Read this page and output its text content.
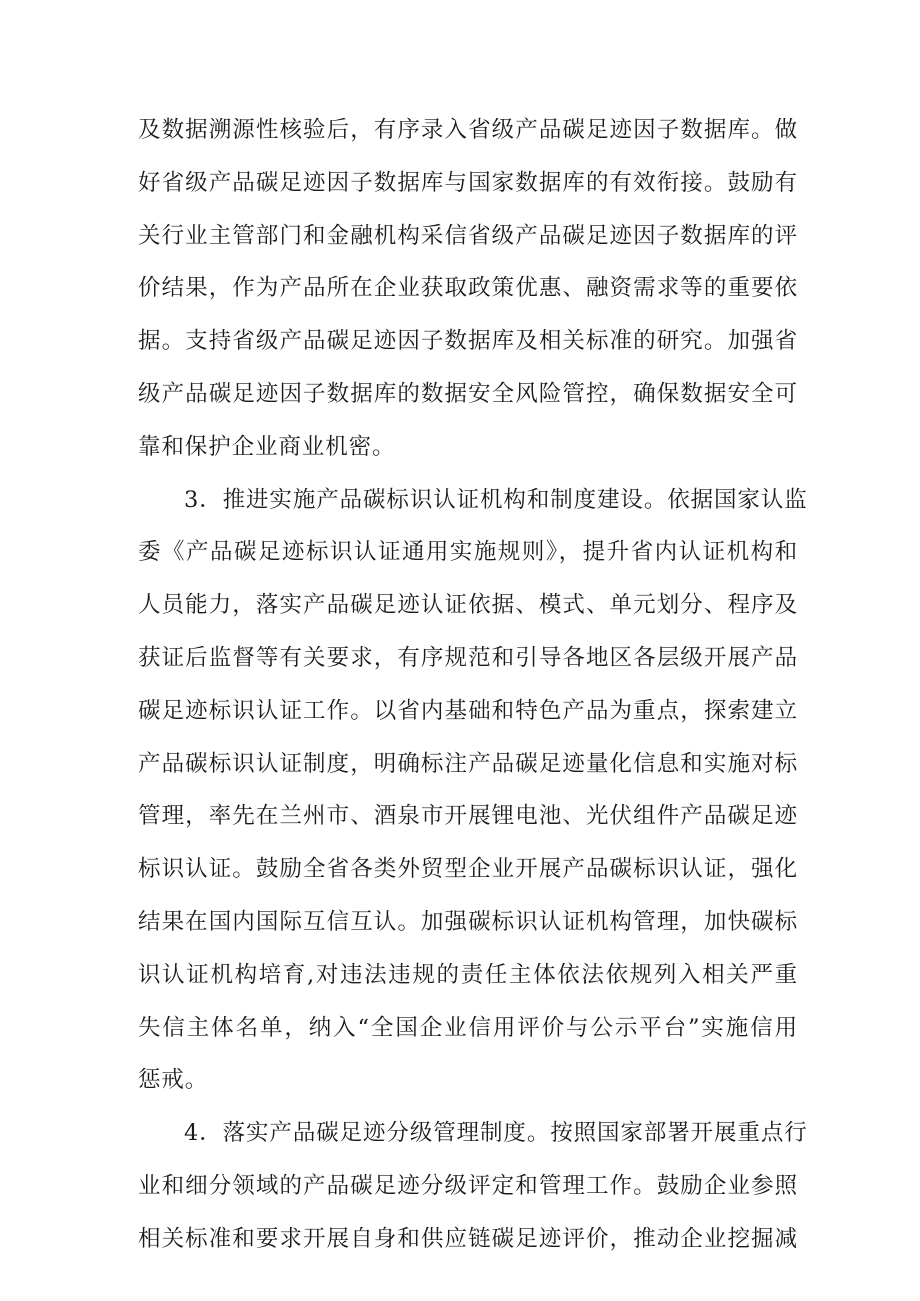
及数据溯源性核验后，有序录入省级产品碳足迹因子数据库。做
好省级产品碳足迹因子数据库与国家数据库的有效衔接。鼓励有
关行业主管部门和金融机构采信省级产品碳足迹因子数据库的评
价结果，作为产品所在企业获取政策优惠、融资需求等的重要依
据。支持省级产品碳足迹因子数据库及相关标准的研究。加强省
级产品碳足迹因子数据库的数据安全风险管控，确保数据安全可
靠和保护企业商业机密。
3．推进实施产品碳标识认证机构和制度建设。依据国家认监
委《产品碳足迹标识认证通用实施规则》，提升省内认证机构和
人员能力，落实产品碳足迹认证依据、模式、单元划分、程序及
获证后监督等有关要求，有序规范和引导各地区各层级开展产品
碳足迹标识认证工作。以省内基础和特色产品为重点，探索建立
产品碳标识认证制度，明确标注产品碳足迹量化信息和实施对标
管理，率先在兰州市、酒泉市开展锂电池、光伏组件产品碳足迹
标识认证。鼓励全省各类外贸型企业开展产品碳标识认证，强化
结果在国内国际互信互认。加强碳标识认证机构管理，加快碳标
识认证机构培育,对违法违规的责任主体依法依规列入相关严重
失信主体名单，纳入“全国企业信用评价与公示平台”实施信用
惩戒。
4．落实产品碳足迹分级管理制度。按照国家部署开展重点行
业和细分领域的产品碳足迹分级评定和管理工作。鼓励企业参照
相关标准和要求开展自身和供应链碳足迹评价，推动企业挖掘减
